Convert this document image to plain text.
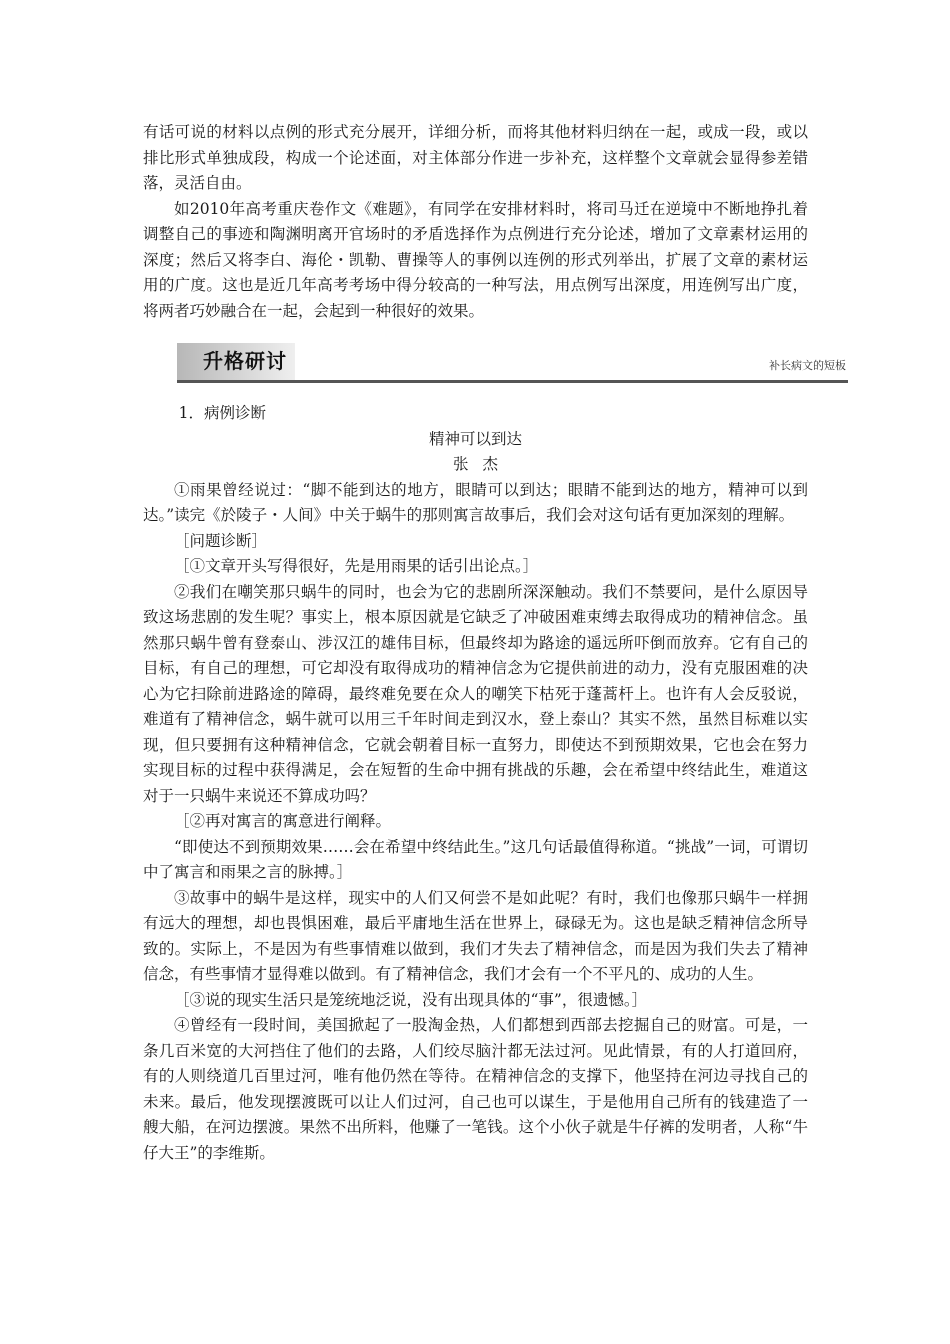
有话可说的材料以点例的形式充分展开，详细分析，而将其他材料归纳在一起，或成一段，或以排比形式单独成段，构成一个论述面，对主体部分作进一步补充，这样整个文章就会显得参差错落，灵活自由。

如2010年高考重庆卷作文《难题》，有同学在安排材料时，将司马迁在逆境中不断地挣扎着调整自己的事迹和陶渊明离开官场时的矛盾选择作为点例进行充分论述，增加了文章素材运用的深度；然后又将李白、海伦・凯勒、曹操等人的事例以连例的形式列举出，扩展了文章的素材运用的广度。这也是近几年高考考场中得分较高的一种写法，用点例写出深度，用连例写出广度，将两者巧妙融合在一起，会起到一种很好的效果。

升格研讨	补长病文的短板

1．病例诊断

精神可以到达

张杰

①雨果曾经说过：“脚不能到达的地方，眼睛可以到达；眼睛不能到达的地方，精神可以到达。”读完《於陵子・人间》中关于蜗牛的那则寓言故事后，我们会对这句话有更加深刻的理解。

［问题诊断］

［①文章开头写得很好，先是用雨果的话引出论点。］

②我们在嘲笑那只蜗牛的同时，也会为它的悲剧所深深触动。我们不禁要问，是什么原因导致这场悲剧的发生呢？事实上，根本原因就是它缺乏了冲破困难束缚去取得成功的精神信念。虽然那只蜗牛曾有登泰山、涉汉江的雄伟目标，但最终却为路途的遥远所吓倒而放弃。它有自己的目标，有自己的理想，可它却没有取得成功的精神信念为它提供前进的动力，没有克服困难的决心为它扫除前进路途的障碍，最终难免要在众人的嘲笑下枯死于蓬蒿杆上。也许有人会反驳说，难道有了精神信念，蜗牛就可以用三千年时间走到汉水，登上泰山？其实不然，虽然目标难以实现，但只要拥有这种精神信念，它就会朝着目标一直努力，即使达不到预期效果，它也会在努力实现目标的过程中获得满足，会在短暂的生命中拥有挑战的乐趣，会在希望中终结此生，难道这对于一只蜗牛来说还不算成功吗？

［②再对寓言的寓意进行阐释。

“即使达不到预期效果……会在希望中终结此生。”这几句话最值得称道。“挑战”一词，可谓切中了寓言和雨果之言的脉搏。］

③故事中的蜗牛是这样，现实中的人们又何尝不是如此呢？有时，我们也像那只蜗牛一样拥有远大的理想，却也畏惧困难，最后平庸地生活在世界上，碌碌无为。这也是缺乏精神信念所导致的。实际上，不是因为有些事情难以做到，我们才失去了精神信念，而是因为我们失去了精神信念，有些事情才显得难以做到。有了精神信念，我们才会有一个不平凡的、成功的人生。

［③说的现实生活只是笼统地泛说，没有出现具体的“事”，很遗憾。］

④曾经有一段时间，美国掀起了一股淘金热，人们都想到西部去挖掘自己的财富。可是，一条几百米宽的大河挡住了他们的去路，人们绞尽脑汁都无法过河。见此情景，有的人打道回府，有的人则绕道几百里过河，唯有他仍然在等待。在精神信念的支撑下，他坚持在河边寻找自己的未来。最后，他发现摆渡既可以让人们过河，自己也可以谋生，于是他用自己所有的钱建造了一艘大船，在河边摆渡。果然不出所料，他赚了一笔钱。这个小伙子就是牛仔裤的发明者，人称“牛仔大王”的李维斯。
